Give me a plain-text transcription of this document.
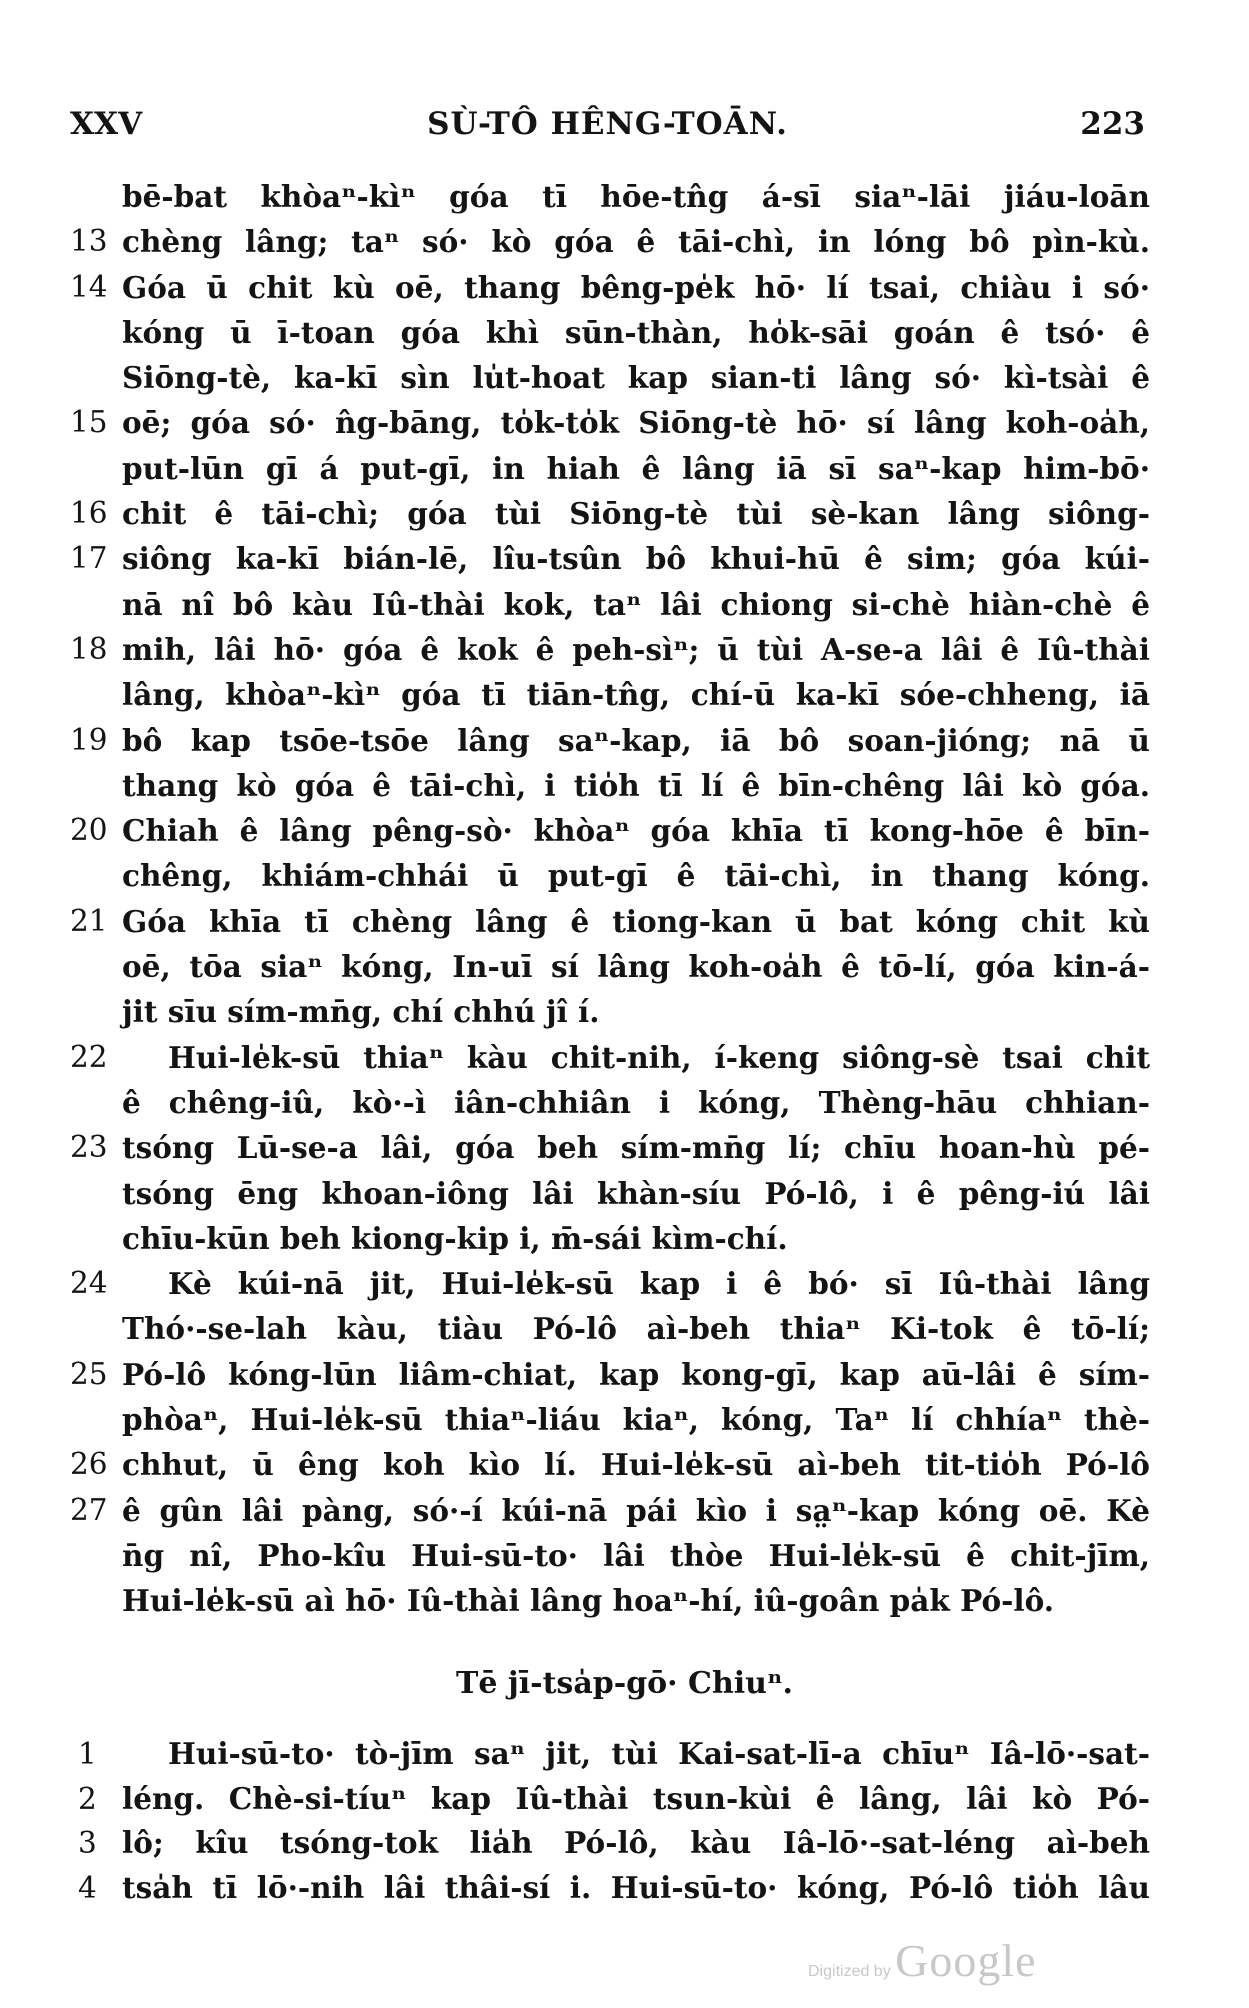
XXV	SÙ-TÔ HÊNG-TOĀN.	223
bē-bat khòaⁿ-kìⁿ góa tī hōe-tn̂g á-sī siaⁿ-lāi jiáu-loān
13 chèng lâng; taⁿ só· kò góa ê tāi-chì, in lóng bô pìn-kù.
14 Góa ū chit kù oē, thang bêng-pe̍k hō· lí tsai, chiàu i só·
kóng ū ī-toan góa khì sūn-thàn, ho̍k-sāi goán ê tsó· ê
Siōng-tè, ka-kī sìn lu̍t-hoat kap sian-ti lâng só· kì-tsài ê
15 oē; góa só· n̂g-bāng, to̍k-to̍k Siōng-tè hō· sí lâng koh-oa̍h,
put-lūn gī á put-gī, in hiah ê lâng iā sī saⁿ-kap him-bō·
16 chit ê tāi-chì; góa tùi Siōng-tè tùi sè-kan lâng siông-
17 siông ka-kī bián-lē, lîu-tsûn bô khui-hū ê sim; góa kúi-
nā nî bô kàu Iû-thài kok, taⁿ lâi chiong si-chè hiàn-chè ê
18 mih, lâi hō· góa ê kok ê peh-sìⁿ; ū tùi A-se-a lâi ê Iû-thài
lâng, khòaⁿ-kìⁿ góa tī tiān-tn̂g, chí-ū ka-kī sóe-chheng, iā
19 bô kap tsōe-tsōe lâng saⁿ-kap, iā bô soan-jióng; nā ū
thang kò góa ê tāi-chì, i tio̍h tī lí ê bīn-chêng lâi kò góa.
20 Chiah ê lâng pêng-sò· khòaⁿ góa khīa tī kong-hōe ê bīn-
chêng, khiám-chhái ū put-gī ê tāi-chì, in thang kóng.
21 Góa khīa tī chèng lâng ê tiong-kan ū bat kóng chit kù
oē, tōa siaⁿ kóng, In-uī sí lâng koh-oa̍h ê tō-lí, góa kin-á-
jit sīu sím-mn̄g, chí chhú jî í.
22	Hui-le̍k-sū thiaⁿ kàu chit-nih, í-keng siông-sè tsai chit
ê chêng-iû, kò·-ì iân-chhiân i kóng, Thèng-hāu chhian-
23 tsóng Lū-se-a lâi, góa beh sím-mn̄g lí; chīu hoan-hù pé-
tsóng ēng khoan-iông lâi khàn-síu Pó-lô, i ê pêng-iú lâi
chīu-kūn beh kiong-kip i, m̄-sái kìm-chí.
24	Kè kúi-nā jit, Hui-le̍k-sū kap i ê bó· sī Iû-thài lâng
Thó·-se-lah kàu, tiàu Pó-lô aì-beh thiaⁿ Ki-tok ê tō-lí;
25 Pó-lô kóng-lūn liâm-chiat, kap kong-gī, kap aū-lâi ê sím-
phòaⁿ, Hui-le̍k-sū thiaⁿ-liáu kiaⁿ, kóng, Taⁿ lí chhíaⁿ thè-
26 chhut, ū êng koh kìo lí. Hui-le̍k-sū aì-beh tit-tio̍h Pó-lô
27 ê gûn lâi pàng, só·-í kúi-nā pái kìo i sa̤ⁿ-kap kóng oē. Kè
n̄g nî, Pho-kîu Hui-sū-to· lâi thòe Hui-le̍k-sū ê chit-jīm,
Hui-le̍k-sū aì hō· Iû-thài lâng hoaⁿ-hí, iû-goân pa̍k Pó-lô.
Tē jī-tsa̍p-gō· Chiuⁿ.
1	Hui-sū-to· tò-jīm saⁿ jit, tùi Kai-sat-lī-a chīuⁿ Iâ-lō·-sat-
2 léng. Chè-si-tíuⁿ kap Iû-thài tsun-kùi ê lâng, lâi kò Pó-
3 lô; kîu tsóng-tok lia̍h Pó-lô, kàu Iâ-lō·-sat-léng aì-beh
4 tsa̍h tī lō·-nih lâi thâi-sí i. Hui-sū-to· kóng, Pó-lô tio̍h lâu
Digitized by Google
